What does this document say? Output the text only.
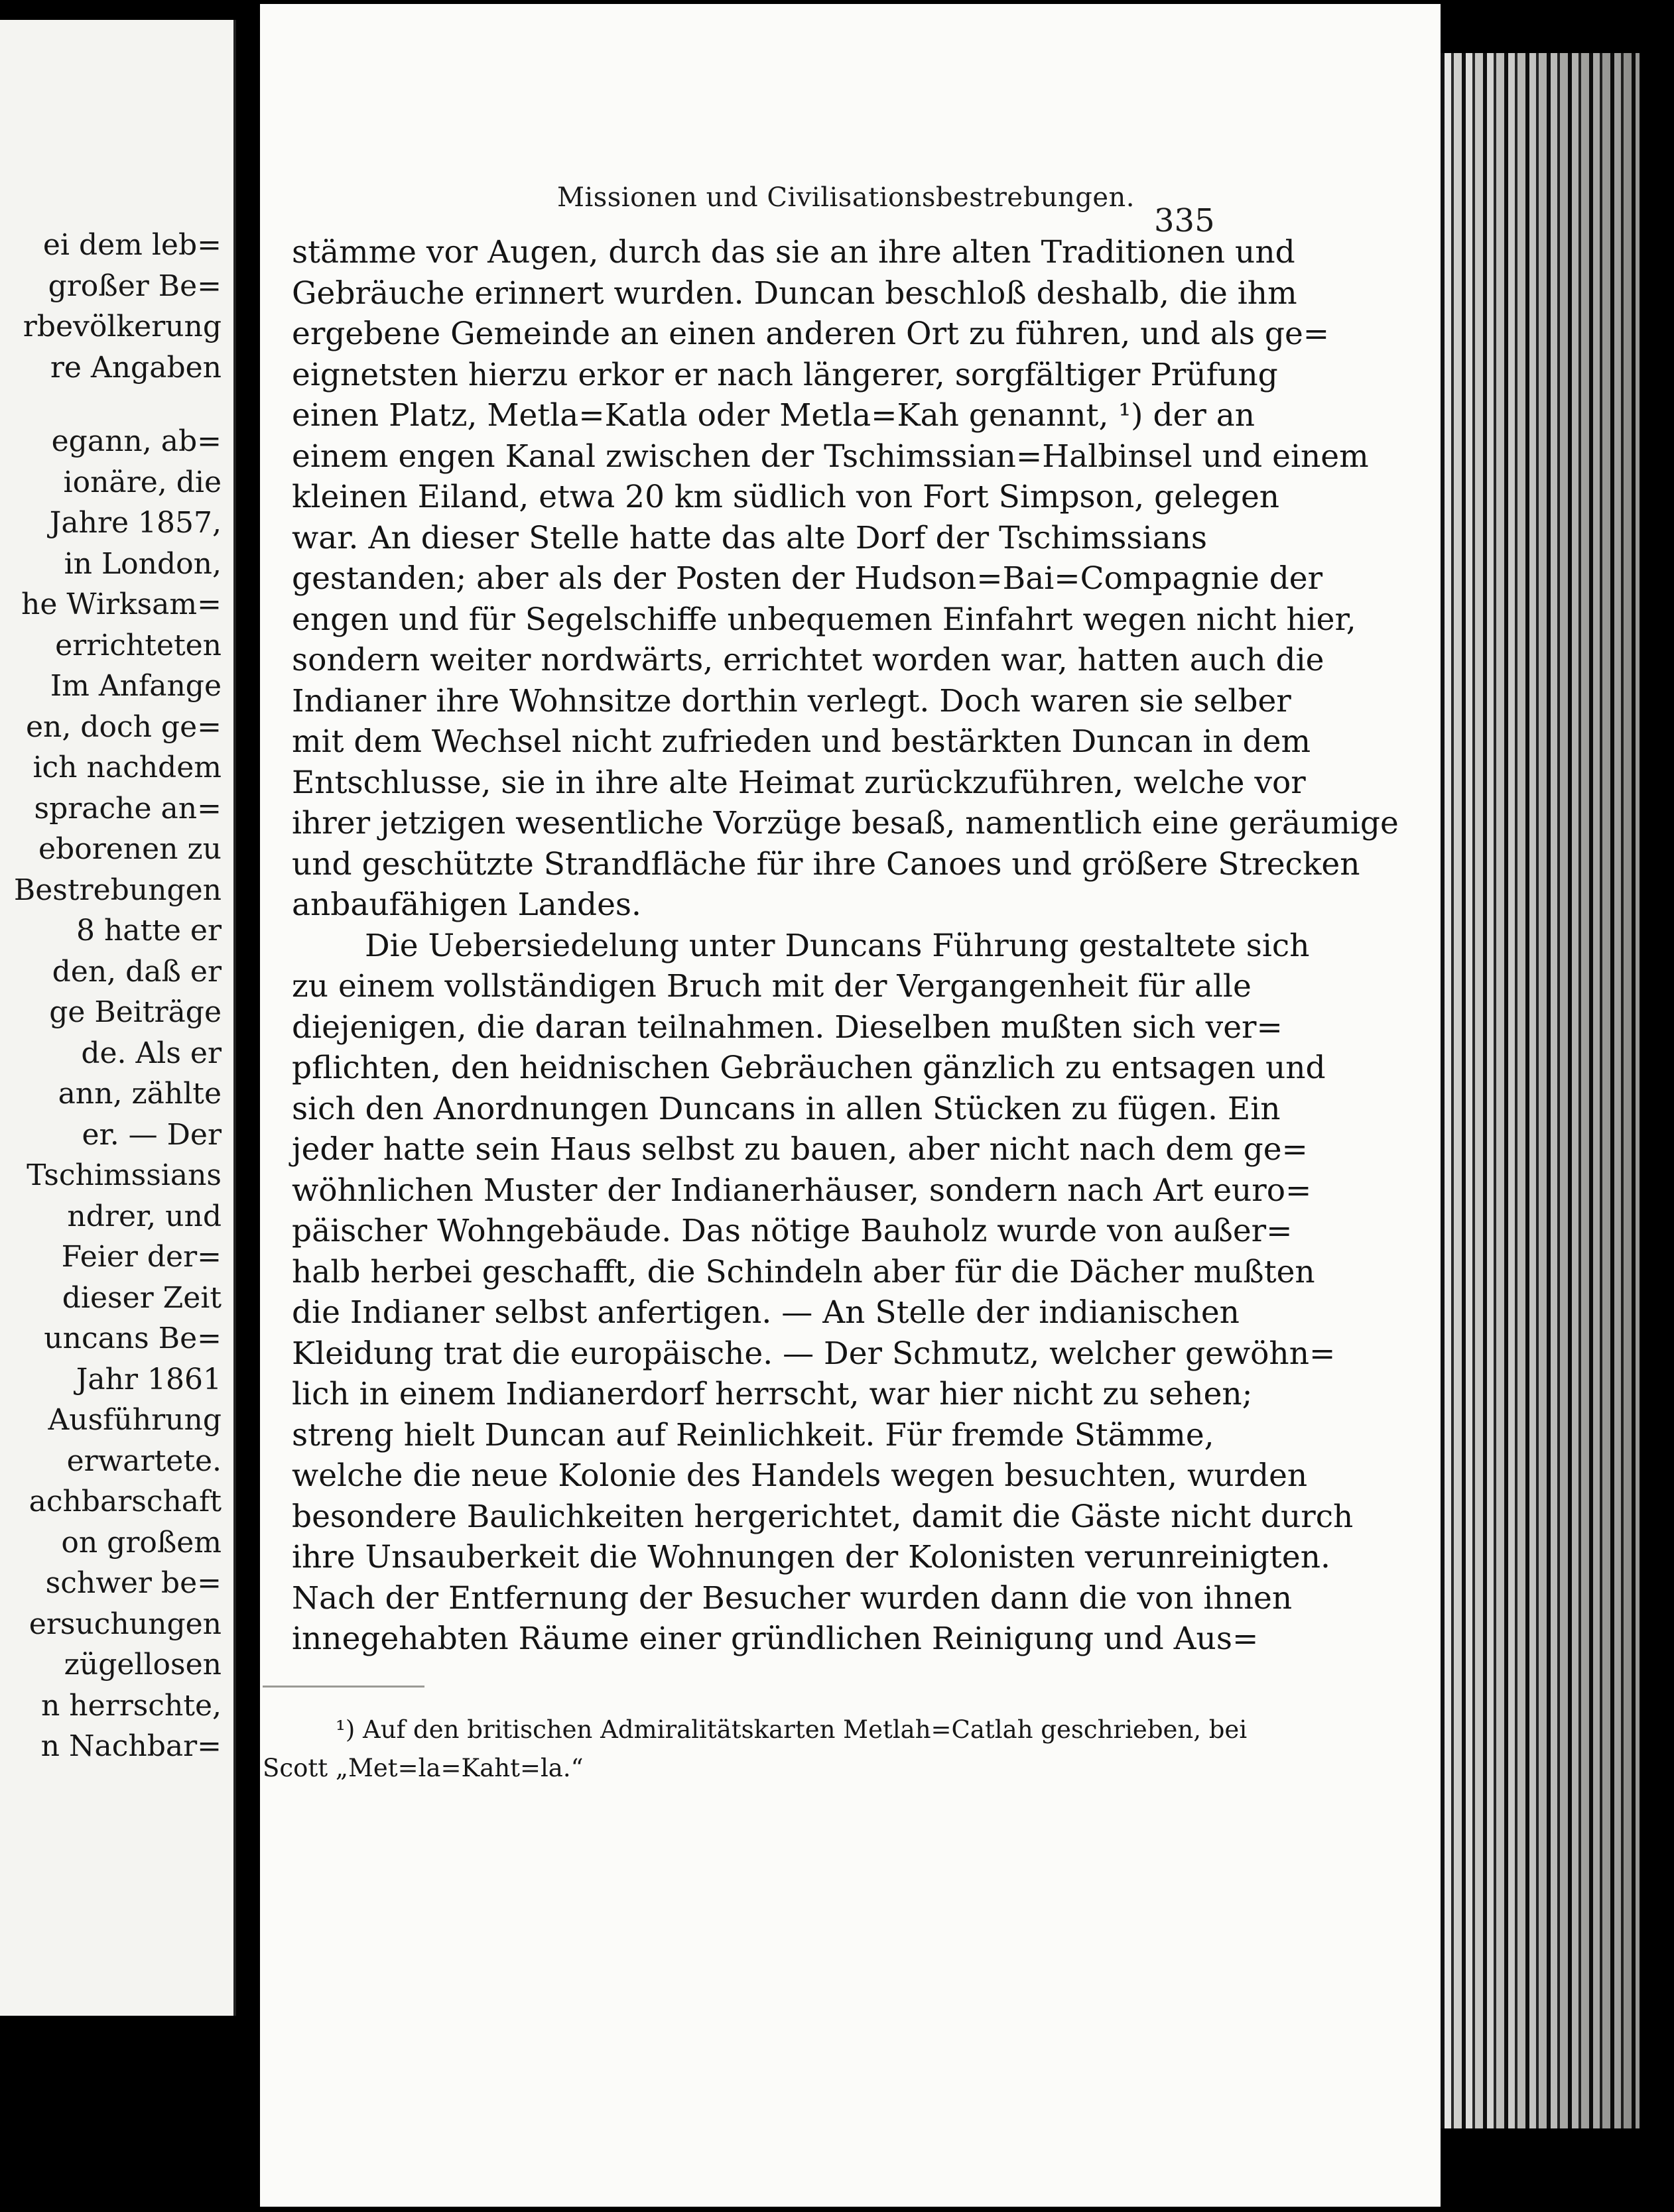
ei dem leb=
großer Be=
rbevölkerung
re Angaben
egann, ab=
ionäre, die
Jahre 1857,
in London,
he Wirksam=
errichteten
Im Anfange
en, doch ge=
ich nachdem
sprache an=
eborenen zu
Bestrebungen
8 hatte er
den, daß er
ge Beiträge
de. Als er
ann, zählte
er. — Der
Tschimssians
ndrer, und
Feier der=
dieser Zeit
uncans Be=
Jahr 1861
Ausführung
erwartete.
achbarschaft
on großem
schwer be=
ersuchungen
zügellosen
n herrschte,
n Nachbar=
Missionen und Civilisationsbestrebungen.
335
stämme vor Augen, durch das sie an ihre alten Traditionen und
Gebräuche erinnert wurden. Duncan beschloß deshalb, die ihm
ergebene Gemeinde an einen anderen Ort zu führen, und als ge=
eignetsten hierzu erkor er nach längerer, sorgfältiger Prüfung
einen Platz, Metla=Katla oder Metla=Kah genannt, ¹) der an
einem engen Kanal zwischen der Tschimssian=Halbinsel und einem
kleinen Eiland, etwa 20 km südlich von Fort Simpson, gelegen
war. An dieser Stelle hatte das alte Dorf der Tschimssians
gestanden; aber als der Posten der Hudson=Bai=Compagnie der
engen und für Segelschiffe unbequemen Einfahrt wegen nicht hier,
sondern weiter nordwärts, errichtet worden war, hatten auch die
Indianer ihre Wohnsitze dorthin verlegt. Doch waren sie selber
mit dem Wechsel nicht zufrieden und bestärkten Duncan in dem
Entschlusse, sie in ihre alte Heimat zurückzuführen, welche vor
ihrer jetzigen wesentliche Vorzüge besaß, namentlich eine geräumige
und geschützte Strandfläche für ihre Canoes und größere Strecken
anbaufähigen Landes.
Die Uebersiedelung unter Duncans Führung gestaltete sich
zu einem vollständigen Bruch mit der Vergangenheit für alle
diejenigen, die daran teilnahmen. Dieselben mußten sich ver=
pflichten, den heidnischen Gebräuchen gänzlich zu entsagen und
sich den Anordnungen Duncans in allen Stücken zu fügen. Ein
jeder hatte sein Haus selbst zu bauen, aber nicht nach dem ge=
wöhnlichen Muster der Indianerhäuser, sondern nach Art euro=
päischer Wohngebäude. Das nötige Bauholz wurde von außer=
halb herbei geschafft, die Schindeln aber für die Dächer mußten
die Indianer selbst anfertigen. — An Stelle der indianischen
Kleidung trat die europäische. — Der Schmutz, welcher gewöhn=
lich in einem Indianerdorf herrscht, war hier nicht zu sehen;
streng hielt Duncan auf Reinlichkeit. Für fremde Stämme,
welche die neue Kolonie des Handels wegen besuchten, wurden
besondere Baulichkeiten hergerichtet, damit die Gäste nicht durch
ihre Unsauberkeit die Wohnungen der Kolonisten verunreinigten.
Nach der Entfernung der Besucher wurden dann die von ihnen
innegehabten Räume einer gründlichen Reinigung und Aus=
¹) Auf den britischen Admiralitätskarten Metlah=Catlah geschrieben, bei
Scott „Met=la=Kaht=la.“
